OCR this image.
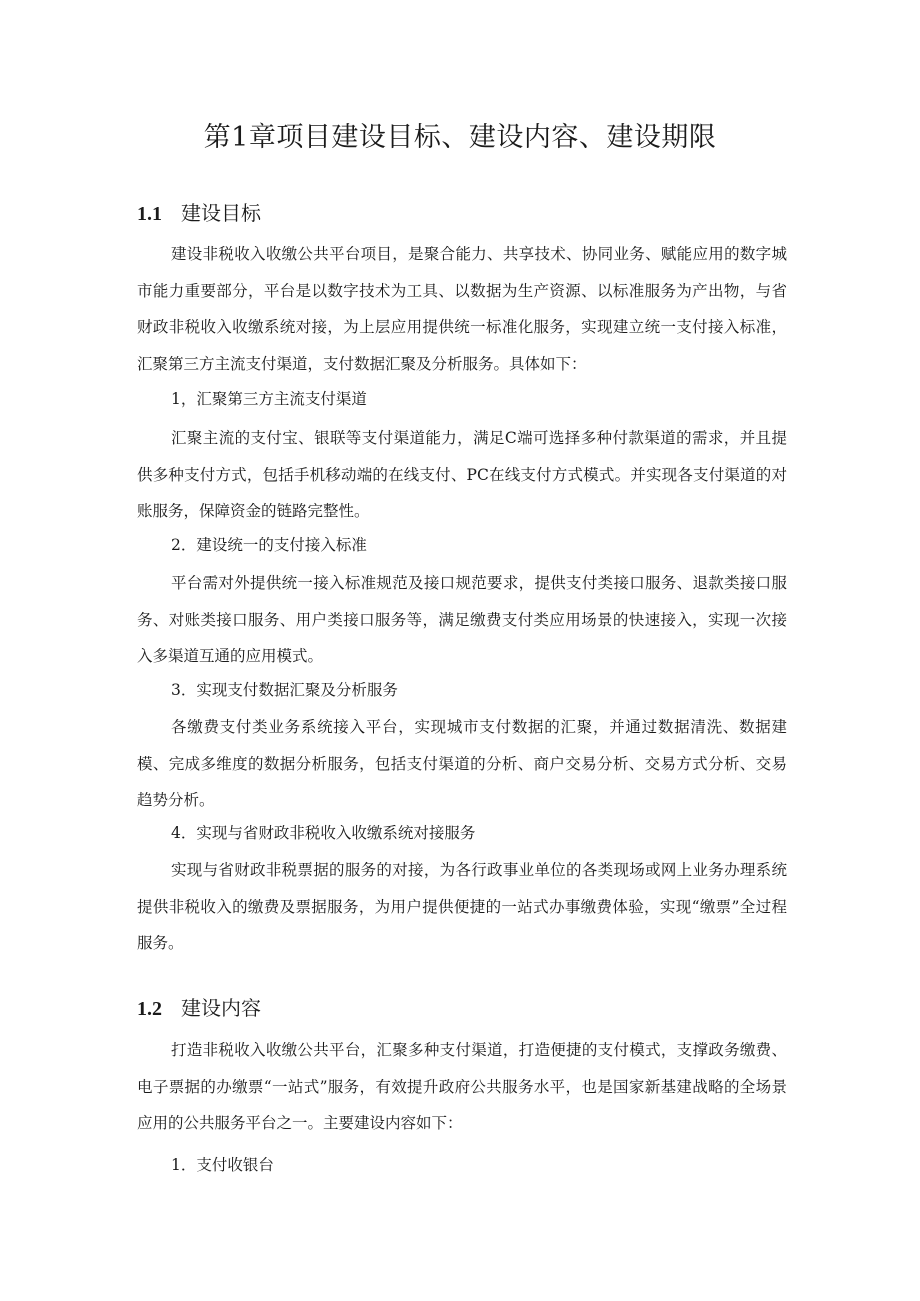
第1章项目建设目标、建设内容、建设期限
1.1 建设目标

建设非税收入收缴公共平台项目，是聚合能力、共享技术、协同业务、赋能应用的数字城市能力重要部分，平台是以数字技术为工具、以数据为生产资源、以标准服务为产出物，与省财政非税收入收缴系统对接，为上层应用提供统一标准化服务，实现建立统一支付接入标准，汇聚第三方主流支付渠道，支付数据汇聚及分析服务。具体如下：

1，汇聚第三方主流支付渠道

汇聚主流的支付宝、银联等支付渠道能力，满足C端可选择多种付款渠道的需求，并且提供多种支付方式，包括手机移动端的在线支付、PC在线支付方式模式。并实现各支付渠道的对账服务，保障资金的链路完整性。

2．建设统一的支付接入标准

平台需对外提供统一接入标准规范及接口规范要求，提供支付类接口服务、退款类接口服务、对账类接口服务、用户类接口服务等，满足缴费支付类应用场景的快速接入，实现一次接入多渠道互通的应用模式。

3．实现支付数据汇聚及分析服务

各缴费支付类业务系统接入平台，实现城市支付数据的汇聚，并通过数据清洗、数据建模、完成多维度的数据分析服务，包括支付渠道的分析、商户交易分析、交易方式分析、交易趋势分析。

4．实现与省财政非税收入收缴系统对接服务

实现与省财政非税票据的服务的对接，为各行政事业单位的各类现场或网上业务办理系统提供非税收入的缴费及票据服务，为用户提供便捷的一站式办事缴费体验，实现“缴票”全过程服务。

1.2 建设内容

打造非税收入收缴公共平台，汇聚多种支付渠道，打造便捷的支付模式，支撑政务缴费、电子票据的办缴票“一站式”服务，有效提升政府公共服务水平，也是国家新基建战略的全场景应用的公共服务平台之一。主要建设内容如下：

1．支付收银台
